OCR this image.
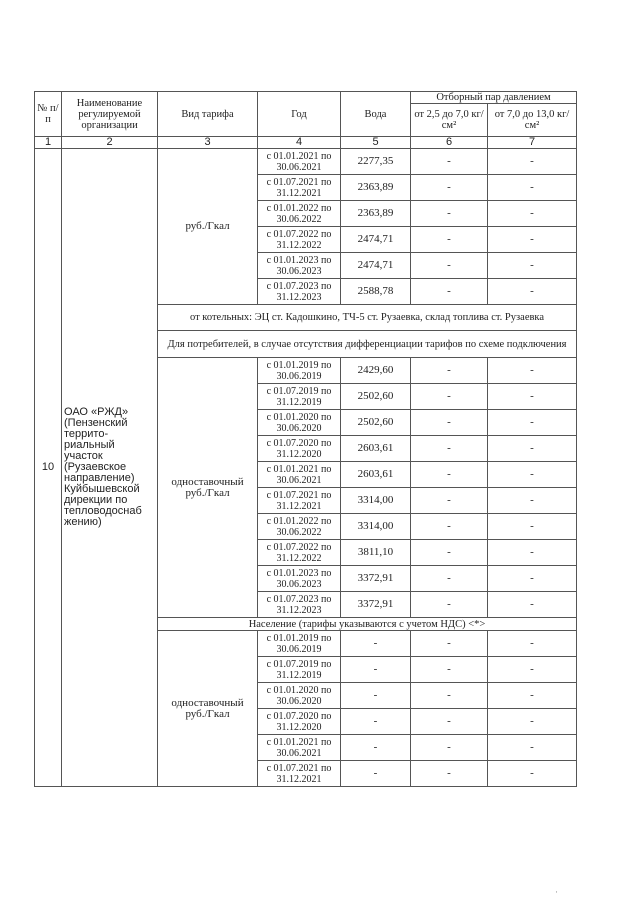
№ п/п	Наименование регулируемой организации	Вид тарифа	Год	Вода	Отборный пар давлением	
					от 2,5 до 7,0 кг/см²	от 7,0 до 13,0 кг/см²
1	2	3	4	5	6	7
10	ОАО «РЖД» (Пензенский террито-риальный участок (Рузаевское направление) Куйбышевской дирекции по тепловодоснаб жению)	руб./Гкал	с 01.01.2021 по 30.06.2021	2277,35	-	-
			с 01.07.2021 по 31.12.2021	2363,89	-	-
			с 01.01.2022 по 30.06.2022	2363,89	-	-
			с 01.07.2022 по 31.12.2022	2474,71	-	-
			с 01.01.2023 по 30.06.2023	2474,71	-	-
			с 01.07.2023 по 31.12.2023	2588,78	-	-
		от котельных: ЭЦ ст. Кадошкино, ТЧ-5 ст. Рузаевка, склад топлива ст. Рузаевка				
		Для потребителей, в случае отсутствия дифференциации тарифов по схеме подключения				
		одноставочный руб./Гкал	с 01.01.2019 по 30.06.2019	2429,60	-	-
			с 01.07.2019 по 31.12.2019	2502,60	-	-
			с 01.01.2020 по 30.06.2020	2502,60	-	-
			с 01.07.2020 по 31.12.2020	2603,61	-	-
			с 01.01.2021 по 30.06.2021	2603,61	-	-
			с 01.07.2021 по 31.12.2021	3314,00	-	-
			с 01.01.2022 по 30.06.2022	3314,00	-	-
			с 01.07.2022 по 31.12.2022	3811,10	-	-
			с 01.01.2023 по 30.06.2023	3372,91	-	-
			с 01.07.2023 по 31.12.2023	3372,91	-	-
		Население (тарифы указываются с учетом НДС) <*>				
		одноставочный руб./Гкал	с 01.01.2019 по 30.06.2019	-	-	-
			с 01.07.2019 по 31.12.2019	-	-	-
			с 01.01.2020 по 30.06.2020	-	-	-
			с 01.07.2020 по 31.12.2020	-	-	-
			с 01.01.2021 по 30.06.2021	-	-	-
			с 01.07.2021 по 31.12.2021	-	-	-
·
